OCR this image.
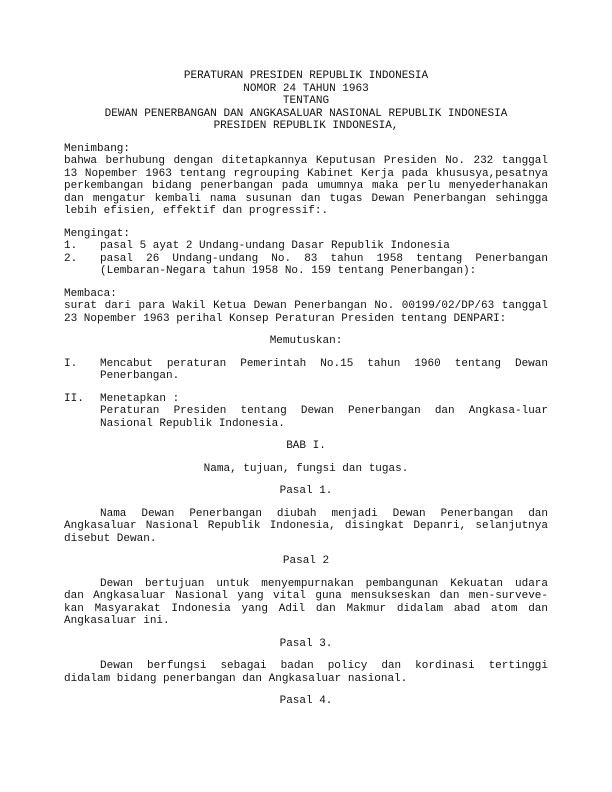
PERATURAN PRESIDEN REPUBLIK INDONESIA
NOMOR 24 TAHUN 1963
TENTANG
DEWAN PENERBANGAN DAN ANGKASALUAR NASIONAL REPUBLIK INDONESIA
PRESIDEN REPUBLIK INDONESIA,
Menimbang:
bahwa berhubung dengan ditetapkannya Keputusan Presiden No. 232 tanggal
13 Nopember 1963 tentang regrouping Kabinet Kerja pada khususya,pesatnya
perkembangan bidang penerbangan pada umumnya maka perlu menyederhanakan
dan mengatur kembali nama susunan dan tugas Dewan Penerbangan sehingga
lebih efisien, effektif dan progressif:.
Mengingat:
1.	pasal 5 ayat 2 Undang-undang Dasar Republik Indonesia
2.	pasal 26 Undang-undang No. 83 tahun 1958 tentang Penerbangan
(Lembaran-Negara tahun 1958 No. 159 tentang Penerbangan):
Membaca:
surat dari para Wakil Ketua Dewan Penerbangan No. 00199/02/DP/63 tanggal
23 Nopember 1963 perihal Konsep Peraturan Presiden tentang DENPARI:
Memutuskan:
I.	Mencabut peraturan Pemerintah No.15 tahun 1960 tentang Dewan
Penerbangan.
II.	Menetapkan :
Peraturan Presiden tentang Dewan Penerbangan dan Angkasa-luar
Nasional Republik Indonesia.
BAB I.
Nama, tujuan, fungsi dan tugas.
Pasal 1.
Nama Dewan Penerbangan diubah menjadi Dewan Penerbangan dan
Angkasaluar Nasional Republik Indonesia, disingkat Depanri, selanjutnya
disebut Dewan.
Pasal 2
Dewan bertujuan untuk menyempurnakan pembangunan Kekuatan udara
dan Angkasaluar Nasional yang vital guna mensukseskan dan men-surveve-
kan Masyarakat Indonesia yang Adil dan Makmur didalam abad atom dan
Angkasaluar ini.
Pasal 3.
Dewan berfungsi sebagai badan policy dan kordinasi tertinggi
didalam bidang penerbangan dan Angkasaluar nasional.
Pasal 4.
